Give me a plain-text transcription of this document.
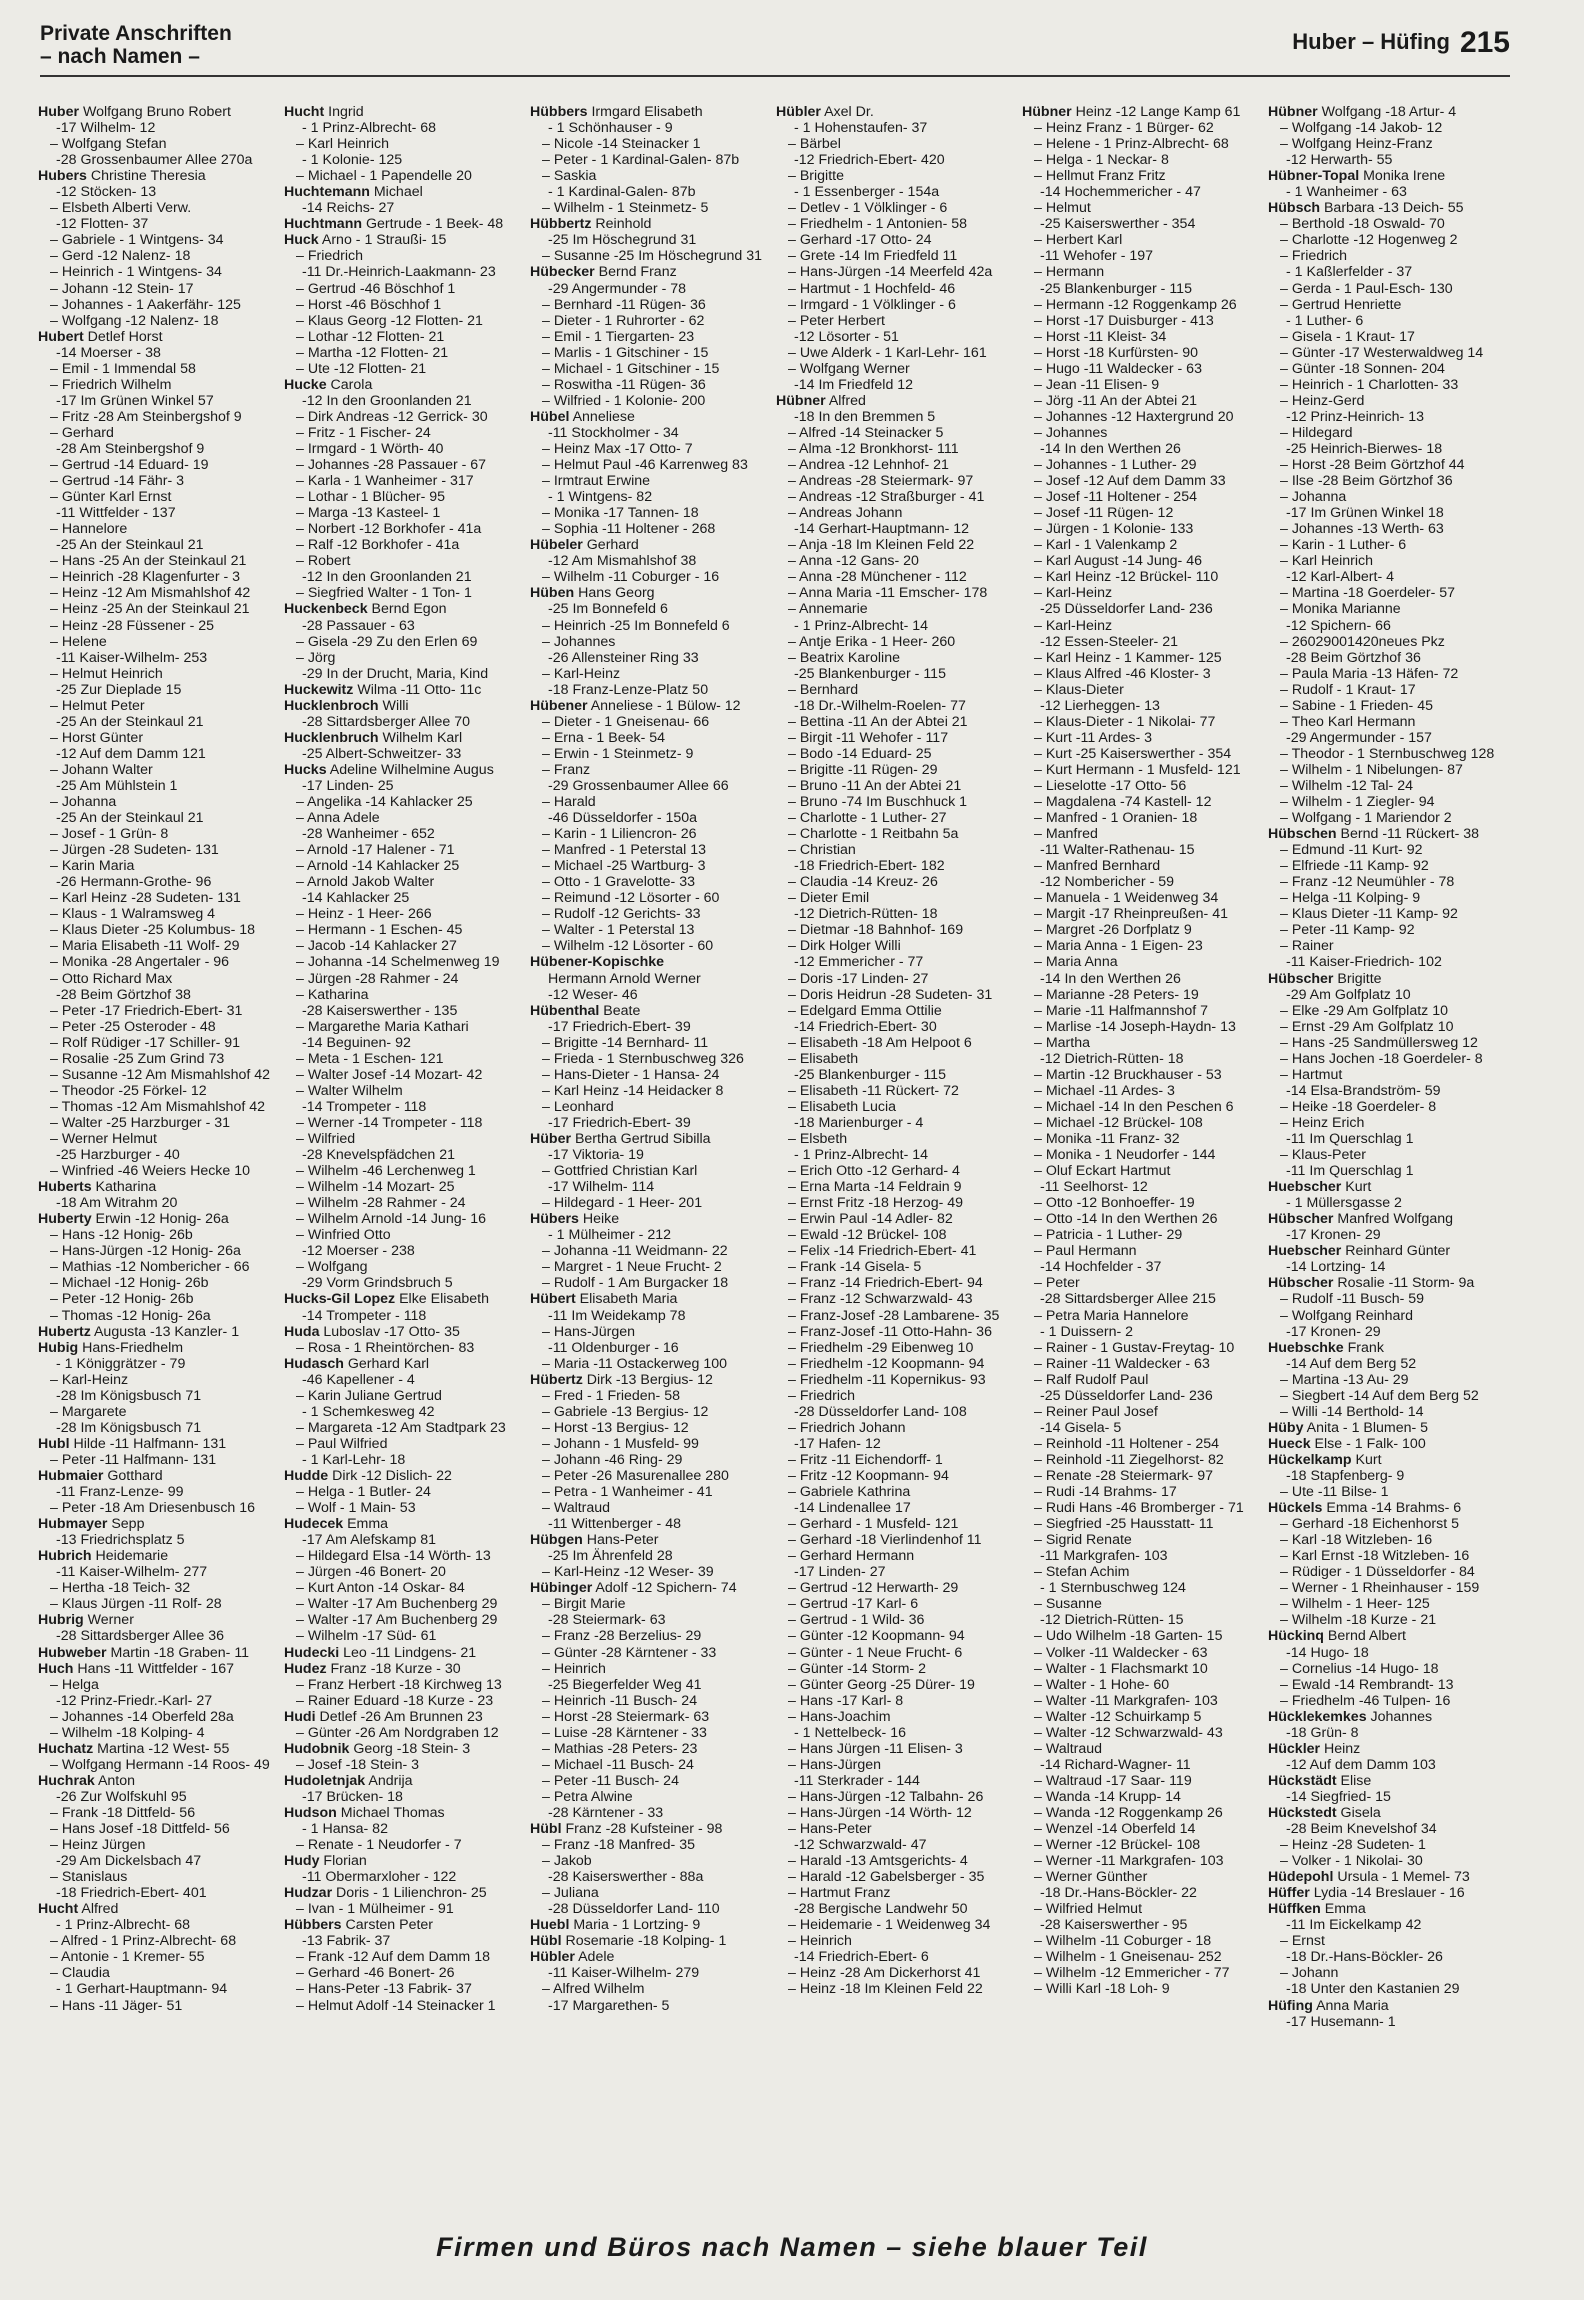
Private Anschriften
– nach Namen –
Huber – Hüfing 215
Huber Wolfgang Bruno Robert
-17 Wilhelm- 12
– Wolfgang Stefan
-28 Grossenbaumer Allee 270a
Hubers Christine Theresia
-12 Stöcken- 13
– Elsbeth Alberti Verw.
-12 Flotten- 37
– Gabriele - 1 Wintgens- 34
– Gerd -12 Nalenz- 18
– Heinrich - 1 Wintgens- 34
– Johann -12 Stein- 17
– Johannes - 1 Aakerfähr- 125
– Wolfgang -12 Nalenz- 18
Hubert Detlef Horst
-14 Moerser - 38
– Emil - 1 Immendal 58
– Friedrich Wilhelm
-17 Im Grünen Winkel 57
– Fritz -28 Am Steinbergshof 9
– Gerhard
-28 Am Steinbergshof 9
– Gertrud -14 Eduard- 19
– Gertrud -14 Fähr- 3
– Günter Karl Ernst
-11 Wittfelder - 137
– Hannelore
-25 An der Steinkaul 21
– Hans -25 An der Steinkaul 21
– Heinrich -28 Klagenfurter - 3
– Heinz -12 Am Mismahlshof 42
– Heinz -25 An der Steinkaul 21
– Heinz -28 Füssener - 25
– Helene
-11 Kaiser-Wilhelm- 253
– Helmut Heinrich
-25 Zur Dieplade 15
– Helmut Peter
-25 An der Steinkaul 21
– Horst Günter
-12 Auf dem Damm 121
– Johann Walter
-25 Am Mühlstein 1
– Johanna
-25 An der Steinkaul 21
– Josef - 1 Grün- 8
– Jürgen -28 Sudeten- 131
– Karin Maria
-26 Hermann-Grothe- 96
– Karl Heinz -28 Sudeten- 131
– Klaus - 1 Walramsweg 4
– Klaus Dieter -25 Kolumbus- 18
– Maria Elisabeth -11 Wolf- 29
– Monika -28 Angertaler - 96
– Otto Richard Max
-28 Beim Görtzhof 38
– Peter -17 Friedrich-Ebert- 31
– Peter -25 Osteroder - 48
– Rolf Rüdiger -17 Schiller- 91
– Rosalie -25 Zum Grind 73
– Susanne -12 Am Mismahlshof 42
– Theodor -25 Förkel- 12
– Thomas -12 Am Mismahlshof 42
– Walter -25 Harzburger - 31
– Werner Helmut
-25 Harzburger - 40
– Winfried -46 Weiers Hecke 10
Huberts Katharina
-18 Am Witrahm 20
Huberty Erwin -12 Honig- 26a
– Hans -12 Honig- 26b
– Hans-Jürgen -12 Honig- 26a
– Mathias -12 Nombericher - 66
– Michael -12 Honig- 26b
– Peter -12 Honig- 26b
– Thomas -12 Honig- 26a
Hubertz Augusta -13 Kanzler- 1
Hubig Hans-Friedhelm
- 1 Königgrätzer - 79
– Karl-Heinz
-28 Im Königsbusch 71
– Margarete
-28 Im Königsbusch 71
Hubl Hilde -11 Halfmann- 131
– Peter -11 Halfmann- 131
Hubmaier Gotthard
-11 Franz-Lenze- 99
– Peter -18 Am Driesenbusch 16
Hubmayer Sepp
-13 Friedrichsplatz 5
Hubrich Heidemarie
-11 Kaiser-Wilhelm- 277
– Hertha -18 Teich- 32
– Klaus Jürgen -11 Rolf- 28
Hubrig Werner
-28 Sittardsberger Allee 36
Hubweber Martin -18 Graben- 11
Huch Hans -11 Wittfelder - 167
– Helga
-12 Prinz-Friedr.-Karl- 27
– Johannes -14 Oberfeld 28a
– Wilhelm -18 Kolping- 4
Huchatz Martina -12 West- 55
– Wolfgang Hermann -14 Roos- 49
Huchrak Anton
-26 Zur Wolfskuhl 95
– Frank -18 Dittfeld- 56
– Hans Josef -18 Dittfeld- 56
– Heinz Jürgen
-29 Am Dickelsbach 47
– Stanislaus
-18 Friedrich-Ebert- 401
Hucht Alfred
- 1 Prinz-Albrecht- 68
– Alfred - 1 Prinz-Albrecht- 68
– Antonie - 1 Kremer- 55
– Claudia
- 1 Gerhart-Hauptmann- 94
– Hans -11 Jäger- 51
Hucht Ingrid
- 1 Prinz-Albrecht- 68
– Karl Heinrich
- 1 Kolonie- 125
– Michael - 1 Papendelle 20
Huchtemann Michael
-14 Reichs- 27
Huchtmann Gertrude - 1 Beek- 48
Huck Arno - 1 Straußi- 15
– Friedrich
-11 Dr.-Heinrich-Laakmann- 23
– Gertrud -46 Böschhof 1
– Horst -46 Böschhof 1
– Klaus Georg -12 Flotten- 21
– Lothar -12 Flotten- 21
– Martha -12 Flotten- 21
– Ute -12 Flotten- 21
Hucke Carola
-12 In den Groonlanden 21
– Dirk Andreas -12 Gerrick- 30
– Fritz - 1 Fischer- 24
– Irmgard - 1 Wörth- 40
– Johannes -28 Passauer - 67
– Karla - 1 Wanheimer - 317
– Lothar - 1 Blücher- 95
– Marga -13 Kasteel- 1
– Norbert -12 Borkhofer - 41a
– Ralf -12 Borkhofer - 41a
– Robert
-12 In den Groonlanden 21
– Siegfried Walter - 1 Ton- 1
Huckenbeck Bernd Egon
-28 Passauer - 63
– Gisela -29 Zu den Erlen 69
– Jörg
-29 In der Drucht, Maria, Kind
Huckewitz Wilma -11 Otto- 11c
Hucklenbroch Willi
-28 Sittardsberger Allee 70
Hucklenbruch Wilhelm Karl
-25 Albert-Schweitzer- 33
Hucks Adeline Wilhelmine Augus
-17 Linden- 25
– Angelika -14 Kahlacker 25
– Anna Adele
-28 Wanheimer - 652
– Arnold -17 Halener - 71
– Arnold -14 Kahlacker 25
– Arnold Jakob Walter
-14 Kahlacker 25
– Heinz - 1 Heer- 266
– Hermann - 1 Eschen- 45
– Jacob -14 Kahlacker 27
– Johanna -14 Schelmenweg 19
– Jürgen -28 Rahmer - 24
– Katharina
-28 Kaiserswerther - 135
– Margarethe Maria Kathari
-14 Beguinen- 92
– Meta - 1 Eschen- 121
– Walter Josef -14 Mozart- 42
– Walter Wilhelm
-14 Trompeter - 118
– Werner -14 Trompeter - 118
– Wilfried
-28 Knevelspfädchen 21
– Wilhelm -46 Lerchenweg 1
– Wilhelm -14 Mozart- 25
– Wilhelm -28 Rahmer - 24
– Wilhelm Arnold -14 Jung- 16
– Winfried Otto
-12 Moerser - 238
– Wolfgang
-29 Vorm Grindsbruch 5
Hucks-Gil Lopez Elke Elisabeth
-14 Trompeter - 118
Huda Luboslav -17 Otto- 35
– Rosa - 1 Rheintörchen- 83
Hudasch Gerhard Karl
-46 Kapellener - 4
– Karin Juliane Gertrud
- 1 Schemkesweg 42
– Margareta -12 Am Stadtpark 23
– Paul Wilfried
- 1 Karl-Lehr- 18
Hudde Dirk -12 Dislich- 22
– Helga - 1 Butler- 24
– Wolf - 1 Main- 53
Hudecek Emma
-17 Am Alefskamp 81
– Hildegard Elsa -14 Wörth- 13
– Jürgen -46 Bonert- 20
– Kurt Anton -14 Oskar- 84
– Walter -17 Am Buchenberg 29
– Walter -17 Am Buchenberg 29
– Wilhelm -17 Süd- 61
Hudecki Leo -11 Lindgens- 21
Hudez Franz -18 Kurze - 30
– Franz Herbert -18 Kirchweg 13
– Rainer Eduard -18 Kurze - 23
Hudi Detlef -26 Am Brunnen 23
– Günter -26 Am Nordgraben 12
Hudobnik Georg -18 Stein- 3
– Josef -18 Stein- 3
Hudoletnjak Andrija
-17 Brücken- 18
Hudson Michael Thomas
- 1 Hansa- 82
– Renate - 1 Neudorfer - 7
Hudy Florian
-11 Obermarxloher - 122
Hudzar Doris - 1 Lilienchron- 25
– Ivan - 1 Mülheimer - 91
Hübbers Carsten Peter
-13 Fabrik- 37
– Frank -12 Auf dem Damm 18
– Gerhard -46 Bonert- 26
– Hans-Peter -13 Fabrik- 37
– Helmut Adolf -14 Steinacker 1
Hübbers Irmgard Elisabeth
- 1 Schönhauser - 9
– Nicole -14 Steinacker 1
– Peter - 1 Kardinal-Galen- 87b
– Saskia
- 1 Kardinal-Galen- 87b
– Wilhelm - 1 Steinmetz- 5
Hübbertz Reinhold
-25 Im Höschegrund 31
– Susanne -25 Im Höschegrund 31
Hübecker Bernd Franz
-29 Angermunder - 78
– Bernhard -11 Rügen- 36
– Dieter - 1 Ruhrorter - 62
– Emil - 1 Tiergarten- 23
– Marlis - 1 Gitschiner - 15
– Michael - 1 Gitschiner - 15
– Roswitha -11 Rügen- 36
– Wilfried - 1 Kolonie- 200
Hübel Anneliese
-11 Stockholmer - 34
– Heinz Max -17 Otto- 7
– Helmut Paul -46 Karrenweg 83
– Irmtraut Erwine
- 1 Wintgens- 82
– Monika -17 Tannen- 18
– Sophia -11 Holtener - 268
Hübeler Gerhard
-12 Am Mismahlshof 38
– Wilhelm -11 Coburger - 16
Hüben Hans Georg
-25 Im Bonnefeld 6
– Heinrich -25 Im Bonnefeld 6
– Johannes
-26 Allensteiner Ring 33
– Karl-Heinz
-18 Franz-Lenze-Platz 50
Hübener Anneliese - 1 Bülow- 12
– Dieter - 1 Gneisenau- 66
– Erna - 1 Beek- 54
– Erwin - 1 Steinmetz- 9
– Franz
-29 Grossenbaumer Allee 66
– Harald
-46 Düsseldorfer - 150a
– Karin - 1 Liliencron- 26
– Manfred - 1 Peterstal 13
– Michael -25 Wartburg- 3
– Otto - 1 Gravelotte- 33
– Reimund -12 Lösorter - 60
– Rudolf -12 Gerichts- 33
– Walter - 1 Peterstal 13
– Wilhelm -12 Lösorter - 60
Hübener-Kopischke
Hermann Arnold Werner
-12 Weser- 46
Hübenthal Beate
-17 Friedrich-Ebert- 39
– Brigitte -14 Bernhard- 11
– Frieda - 1 Sternbuschweg 326
– Hans-Dieter - 1 Hansa- 24
– Karl Heinz -14 Heidacker 8
– Leonhard
-17 Friedrich-Ebert- 39
Hüber Bertha Gertrud Sibilla
-17 Viktoria- 19
– Gottfried Christian Karl
-17 Wilhelm- 114
– Hildegard - 1 Heer- 201
Hübers Heike
- 1 Mülheimer - 212
– Johanna -11 Weidmann- 22
– Margret - 1 Neue Frucht- 2
– Rudolf - 1 Am Burgacker 18
Hübert Elisabeth Maria
-11 Im Weidekamp 78
– Hans-Jürgen
-11 Oldenburger - 16
– Maria -11 Ostackerweg 100
Hübertz Dirk -13 Bergius- 12
– Fred - 1 Frieden- 58
– Gabriele -13 Bergius- 12
– Horst -13 Bergius- 12
– Johann - 1 Musfeld- 99
– Johann -46 Ring- 29
– Peter -26 Masurenallee 280
– Petra - 1 Wanheimer - 41
– Waltraud
-11 Wittenberger - 48
Hübgen Hans-Peter
-25 Im Ährenfeld 28
– Karl-Heinz -12 Weser- 39
Hübinger Adolf -12 Spichern- 74
– Birgit Marie
-28 Steiermark- 63
– Franz -28 Berzelius- 29
– Günter -28 Kärntener - 33
– Heinrich
-25 Biegerfelder Weg 41
– Heinrich -11 Busch- 24
– Horst -28 Steiermark- 63
– Luise -28 Kärntener - 33
– Mathias -28 Peters- 23
– Michael -11 Busch- 24
– Peter -11 Busch- 24
– Petra Alwine
-28 Kärntener - 33
Hübl Franz -28 Kufsteiner - 98
– Franz -18 Manfred- 35
– Jakob
-28 Kaiserswerther - 88a
– Juliana
-28 Düsseldorfer Land- 110
Huebl Maria - 1 Lortzing- 9
Hübl Rosemarie -18 Kolping- 1
Hübler Adele
-11 Kaiser-Wilhelm- 279
– Alfred Wilhelm
-17 Margarethen- 5
Hübler Axel Dr.
- 1 Hohenstaufen- 37
– Bärbel
-12 Friedrich-Ebert- 420
– Brigitte
- 1 Essenberger - 154a
– Detlev - 1 Völklinger - 6
– Friedhelm - 1 Antonien- 58
– Gerhard -17 Otto- 24
– Grete -14 Im Friedfeld 11
– Hans-Jürgen -14 Meerfeld 42a
– Hartmut - 1 Hochfeld- 46
– Irmgard - 1 Völklinger - 6
– Peter Herbert
-12 Lösorter - 51
– Uwe Alderk - 1 Karl-Lehr- 161
– Wolfgang Werner
-14 Im Friedfeld 12
Hübner Alfred
-18 In den Bremmen 5
– Alfred -14 Steinacker 5
– Alma -12 Bronkhorst- 111
– Andrea -12 Lehnhof- 21
– Andreas -28 Steiermark- 97
– Andreas -12 Straßburger - 41
– Andreas Johann
-14 Gerhart-Hauptmann- 12
– Anja -18 Im Kleinen Feld 22
– Anna -12 Gans- 20
– Anna -28 Münchener - 112
– Anna Maria -11 Emscher- 178
– Annemarie
- 1 Prinz-Albrecht- 14
– Antje Erika - 1 Heer- 260
– Beatrix Karoline
-25 Blankenburger - 115
– Bernhard
-18 Dr.-Wilhelm-Roelen- 77
– Bettina -11 An der Abtei 21
– Birgit -11 Wehofer - 117
– Bodo -14 Eduard- 25
– Brigitte -11 Rügen- 29
– Bruno -11 An der Abtei 21
– Bruno -74 Im Buschhuck 1
– Charlotte - 1 Luther- 27
– Charlotte - 1 Reitbahn 5a
– Christian
-18 Friedrich-Ebert- 182
– Claudia -14 Kreuz- 26
– Dieter Emil
-12 Dietrich-Rütten- 18
– Dietmar -18 Bahnhof- 169
– Dirk Holger Willi
-12 Emmericher - 77
– Doris -17 Linden- 27
– Doris Heidrun -28 Sudeten- 31
– Edelgard Emma Ottilie
-14 Friedrich-Ebert- 30
– Elisabeth -18 Am Helpoot 6
– Elisabeth
-25 Blankenburger - 115
– Elisabeth -11 Rückert- 72
– Elisabeth Lucia
-18 Marienburger - 4
– Elsbeth
- 1 Prinz-Albrecht- 14
– Erich Otto -12 Gerhard- 4
– Erna Marta -14 Feldrain 9
– Ernst Fritz -18 Herzog- 49
– Erwin Paul -14 Adler- 82
– Ewald -12 Brückel- 108
– Felix -14 Friedrich-Ebert- 41
– Frank -14 Gisela- 5
– Franz -14 Friedrich-Ebert- 94
– Franz -12 Schwarzwald- 43
– Franz-Josef -28 Lambarene- 35
– Franz-Josef -11 Otto-Hahn- 36
– Friedhelm -29 Eibenweg 10
– Friedhelm -12 Koopmann- 94
– Friedhelm -11 Kopernikus- 93
– Friedrich
-28 Düsseldorfer Land- 108
– Friedrich Johann
-17 Hafen- 12
– Fritz -11 Eichendorff- 1
– Fritz -12 Koopmann- 94
– Gabriele Kathrina
-14 Lindenallee 17
– Gerhard - 1 Musfeld- 121
– Gerhard -18 Vierlindenhof 11
– Gerhard Hermann
-17 Linden- 27
– Gertrud -12 Herwarth- 29
– Gertrud -17 Karl- 6
– Gertrud - 1 Wild- 36
– Günter -12 Koopmann- 94
– Günter - 1 Neue Frucht- 6
– Günter -14 Storm- 2
– Günter Georg -25 Dürer- 19
– Hans -17 Karl- 8
– Hans-Joachim
- 1 Nettelbeck- 16
– Hans Jürgen -11 Elisen- 3
– Hans-Jürgen
-11 Sterkrader - 144
– Hans-Jürgen -12 Talbahn- 26
– Hans-Jürgen -14 Wörth- 12
– Hans-Peter
-12 Schwarzwald- 47
– Harald -13 Amtsgerichts- 4
– Harald -12 Gabelsberger - 35
– Hartmut Franz
-28 Bergische Landwehr 50
– Heidemarie - 1 Weidenweg 34
– Heinrich
-14 Friedrich-Ebert- 6
– Heinz -28 Am Dickerhorst 41
– Heinz -18 Im Kleinen Feld 22
Hübner Heinz -12 Lange Kamp 61
– Heinz Franz - 1 Bürger- 62
– Helene - 1 Prinz-Albrecht- 68
– Helga - 1 Neckar- 8
– Hellmut Franz Fritz
-14 Hochemmericher - 47
– Helmut
-25 Kaiserswerther - 354
– Herbert Karl
-11 Wehofer - 197
– Hermann
-25 Blankenburger - 115
– Hermann -12 Roggenkamp 26
– Horst -17 Duisburger - 413
– Horst -11 Kleist- 34
– Horst -18 Kurfürsten- 90
– Hugo -11 Waldecker - 63
– Jean -11 Elisen- 9
– Jörg -11 An der Abtei 21
– Johannes -12 Haxtergrund 20
– Johannes
-14 In den Werthen 26
– Johannes - 1 Luther- 29
– Josef -12 Auf dem Damm 33
– Josef -11 Holtener - 254
– Josef -11 Rügen- 12
– Jürgen - 1 Kolonie- 133
– Karl - 1 Valenkamp 2
– Karl August -14 Jung- 46
– Karl Heinz -12 Brückel- 110
– Karl-Heinz
-25 Düsseldorfer Land- 236
– Karl-Heinz
-12 Essen-Steeler- 21
– Karl Heinz - 1 Kammer- 125
– Klaus Alfred -46 Kloster- 3
– Klaus-Dieter
-12 Lierheggen- 13
– Klaus-Dieter - 1 Nikolai- 77
– Kurt -11 Ardes- 3
– Kurt -25 Kaiserswerther - 354
– Kurt Hermann - 1 Musfeld- 121
– Lieselotte -17 Otto- 56
– Magdalena -74 Kastell- 12
– Manfred - 1 Oranien- 18
– Manfred
-11 Walter-Rathenau- 15
– Manfred Bernhard
-12 Nombericher - 59
– Manuela - 1 Weidenweg 34
– Margit -17 Rheinpreußen- 41
– Margret -26 Dorfplatz 9
– Maria Anna - 1 Eigen- 23
– Maria Anna
-14 In den Werthen 26
– Marianne -28 Peters- 19
– Marie -11 Halfmannshof 7
– Marlise -14 Joseph-Haydn- 13
– Martha
-12 Dietrich-Rütten- 18
– Martin -12 Bruckhauser - 53
– Michael -11 Ardes- 3
– Michael -14 In den Peschen 6
– Michael -12 Brückel- 108
– Monika -11 Franz- 32
– Monika - 1 Neudorfer - 144
– Oluf Eckart Hartmut
-11 Seelhorst- 12
– Otto -12 Bonhoeffer- 19
– Otto -14 In den Werthen 26
– Patricia - 1 Luther- 29
– Paul Hermann
-14 Hochfelder - 37
– Peter
-28 Sittardsberger Allee 215
– Petra Maria Hannelore
- 1 Duissern- 2
– Rainer - 1 Gustav-Freytag- 10
– Rainer -11 Waldecker - 63
– Ralf Rudolf Paul
-25 Düsseldorfer Land- 236
– Reiner Paul Josef
-14 Gisela- 5
– Reinhold -11 Holtener - 254
– Reinhold -11 Ziegelhorst- 82
– Renate -28 Steiermark- 97
– Rudi -14 Brahms- 17
– Rudi Hans -46 Bromberger - 71
– Siegfried -25 Hausstatt- 11
– Sigrid Renate
-11 Markgrafen- 103
– Stefan Achim
- 1 Sternbuschweg 124
– Susanne
-12 Dietrich-Rütten- 15
– Udo Wilhelm -18 Garten- 15
– Volker -11 Waldecker - 63
– Walter - 1 Flachsmarkt 10
– Walter - 1 Hohe- 60
– Walter -11 Markgrafen- 103
– Walter -12 Schuirkamp 5
– Walter -12 Schwarzwald- 43
– Waltraud
-14 Richard-Wagner- 11
– Waltraud -17 Saar- 119
– Wanda -14 Krupp- 14
– Wanda -12 Roggenkamp 26
– Wenzel -14 Oberfeld 14
– Werner -12 Brückel- 108
– Werner -11 Markgrafen- 103
– Werner Günther
-18 Dr.-Hans-Böckler- 22
– Wilfried Helmut
-28 Kaiserswerther - 95
– Wilhelm -11 Coburger - 18
– Wilhelm - 1 Gneisenau- 252
– Wilhelm -12 Emmericher - 77
– Willi Karl -18 Loh- 9
Hübner Wolfgang -18 Artur- 4
– Wolfgang -14 Jakob- 12
– Wolfgang Heinz-Franz
-12 Herwarth- 55
Hübner-Topal Monika Irene
- 1 Wanheimer - 63
Hübsch Barbara -13 Deich- 55
– Berthold -18 Oswald- 70
– Charlotte -12 Hogenweg 2
– Friedrich
- 1 Kaßlerfelder - 37
– Gerda - 1 Paul-Esch- 130
– Gertrud Henriette
- 1 Luther- 6
– Gisela - 1 Kraut- 17
– Günter -17 Westerwaldweg 14
– Günter -18 Sonnen- 204
– Heinrich - 1 Charlotten- 33
– Heinz-Gerd
-12 Prinz-Heinrich- 13
– Hildegard
-25 Heinrich-Bierwes- 18
– Horst -28 Beim Görtzhof 44
– Ilse -28 Beim Görtzhof 36
– Johanna
-17 Im Grünen Winkel 18
– Johannes -13 Werth- 63
– Karin - 1 Luther- 6
– Karl Heinrich
-12 Karl-Albert- 4
– Martina -18 Goerdeler- 57
– Monika Marianne
-12 Spichern- 66
– 26029001420neues Pkz
-28 Beim Görtzhof 36
– Paula Maria -13 Häfen- 72
– Rudolf - 1 Kraut- 17
– Sabine - 1 Frieden- 45
– Theo Karl Hermann
-29 Angermunder - 157
– Theodor - 1 Sternbuschweg 128
– Wilhelm - 1 Nibelungen- 87
– Wilhelm -12 Tal- 24
– Wilhelm - 1 Ziegler- 94
– Wolfgang - 1 Mariendor 2
Hübschen Bernd -11 Rückert- 38
– Edmund -11 Kurt- 92
– Elfriede -11 Kamp- 92
– Franz -12 Neumühler - 78
– Helga -11 Kolping- 9
– Klaus Dieter -11 Kamp- 92
– Peter -11 Kamp- 92
– Rainer
-11 Kaiser-Friedrich- 102
Hübscher Brigitte
-29 Am Golfplatz 10
– Elke -29 Am Golfplatz 10
– Ernst -29 Am Golfplatz 10
– Hans -25 Sandmüllersweg 12
– Hans Jochen -18 Goerdeler- 8
– Hartmut
-14 Elsa-Brandström- 59
– Heike -18 Goerdeler- 8
– Heinz Erich
-11 Im Querschlag 1
– Klaus-Peter
-11 Im Querschlag 1
Huebscher Kurt
- 1 Müllersgasse 2
Hübscher Manfred Wolfgang
-17 Kronen- 29
Huebscher Reinhard Günter
-14 Lortzing- 14
Hübscher Rosalie -11 Storm- 9a
– Rudolf -11 Busch- 59
– Wolfgang Reinhard
-17 Kronen- 29
Huebschke Frank
-14 Auf dem Berg 52
– Martina -13 Au- 29
– Siegbert -14 Auf dem Berg 52
– Willi -14 Berthold- 14
Hüby Anita - 1 Blumen- 5
Hueck Else - 1 Falk- 100
Hückelkamp Kurt
-18 Stapfenberg- 9
– Ute -11 Bilse- 1
Hückels Emma -14 Brahms- 6
– Gerhard -18 Eichenhorst 5
– Karl -18 Witzleben- 16
– Karl Ernst -18 Witzleben- 16
– Rüdiger - 1 Düsseldorfer - 84
– Werner - 1 Rheinhauser - 159
– Wilhelm - 1 Heer- 125
– Wilhelm -18 Kurze - 21
Hückinq Bernd Albert
-14 Hugo- 18
– Cornelius -14 Hugo- 18
– Ewald -14 Rembrandt- 13
– Friedhelm -46 Tulpen- 16
Hücklekemkes Johannes
-18 Grün- 8
Hückler Heinz
-12 Auf dem Damm 103
Hückstädt Elise
-14 Siegfried- 15
Hückstedt Gisela
-28 Beim Knevelshof 34
– Heinz -28 Sudeten- 1
– Volker - 1 Nikolai- 30
Hüdepohl Ursula - 1 Memel- 73
Hüffer Lydia -14 Breslauer - 16
Hüffken Emma
-11 Im Eickelkamp 42
– Ernst
-18 Dr.-Hans-Böckler- 26
– Johann
-18 Unter den Kastanien 29
Hüfing Anna Maria
-17 Husemann- 1
Firmen und Büros nach Namen – siehe blauer Teil
